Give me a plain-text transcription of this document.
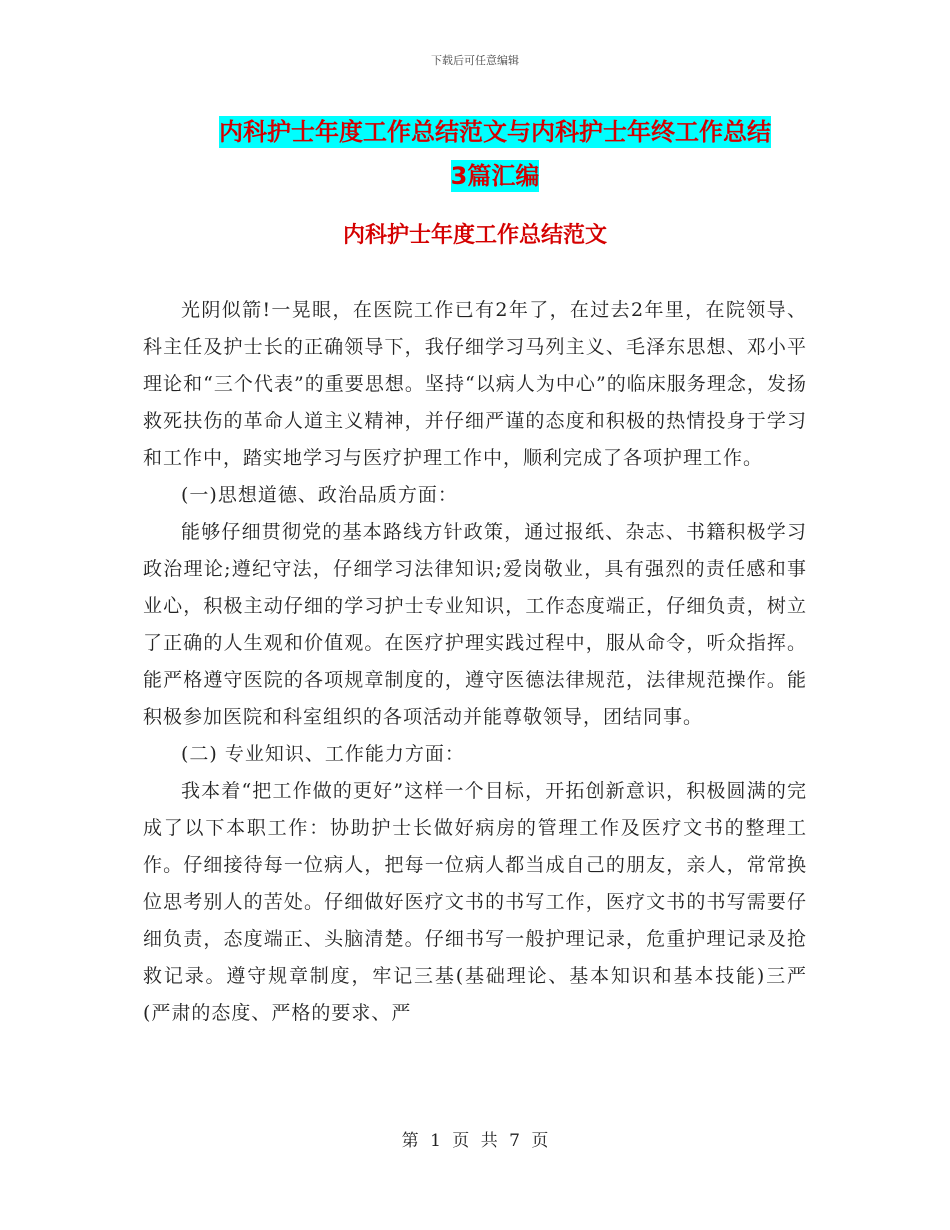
下载后可任意编辑
内科护士年度工作总结范文与内科护士年终工作总结
3篇汇编
内科护士年度工作总结范文

光阴似箭!一晃眼，在医院工作已有2年了，在过去2年里，在院领导、科主任及护士长的正确领导下，我仔细学习马列主义、毛泽东思想、邓小平理论和“三个代表”的重要思想。坚持“以病人为中心”的临床服务理念，发扬救死扶伤的革命人道主义精神，并仔细严谨的态度和积极的热情投身于学习和工作中，踏实地学习与医疗护理工作中，顺利完成了各项护理工作。

(一)思想道德、政治品质方面：

能够仔细贯彻党的基本路线方针政策，通过报纸、杂志、书籍积极学习政治理论;遵纪守法，仔细学习法律知识;爱岗敬业，具有强烈的责任感和事业心，积极主动仔细的学习护士专业知识，工作态度端正，仔细负责，树立了正确的人生观和价值观。在医疗护理实践过程中，服从命令，听众指挥。能严格遵守医院的各项规章制度的，遵守医德法律规范，法律规范操作。能积极参加医院和科室组织的各项活动并能尊敬领导，团结同事。

(二) 专业知识、工作能力方面：

我本着“把工作做的更好”这样一个目标，开拓创新意识，积极圆满的完成了以下本职工作：协助护士长做好病房的管理工作及医疗文书的整理工作。仔细接待每一位病人，把每一位病人都当成自己的朋友，亲人，常常换位思考别人的苦处。仔细做好医疗文书的书写工作，医疗文书的书写需要仔细负责，态度端正、头脑清楚。仔细书写一般护理记录，危重护理记录及抢救记录。遵守规章制度，牢记三基(基础理论、基本知识和基本技能)三严(严肃的态度、严格的要求、严

第 1 页 共 7 页
